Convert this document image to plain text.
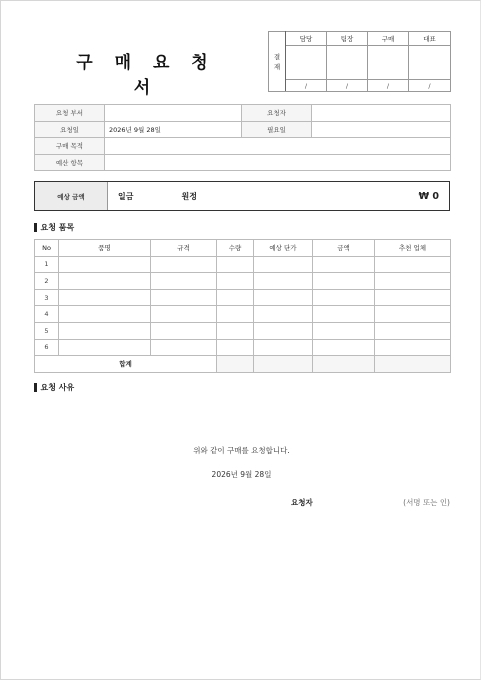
구 매 요 청 서
결
재	담당	팀장	구매	대표

	/	/	/	/
요청 부서		요청자	
요청일	2026년 9월 28일	필요일	
구매 목적			
예산 항목			
예상 금액	일금	원정	₩ 0
요청 품목
No	품명	규격	수량	예상 단가	금액	추천 업체
1						
2						
3						
4						
5						
6						
합계						
요청 사유
위와 같이 구매를 요청합니다.
2026년 9월 28일
요청자	(서명 또는 인)
